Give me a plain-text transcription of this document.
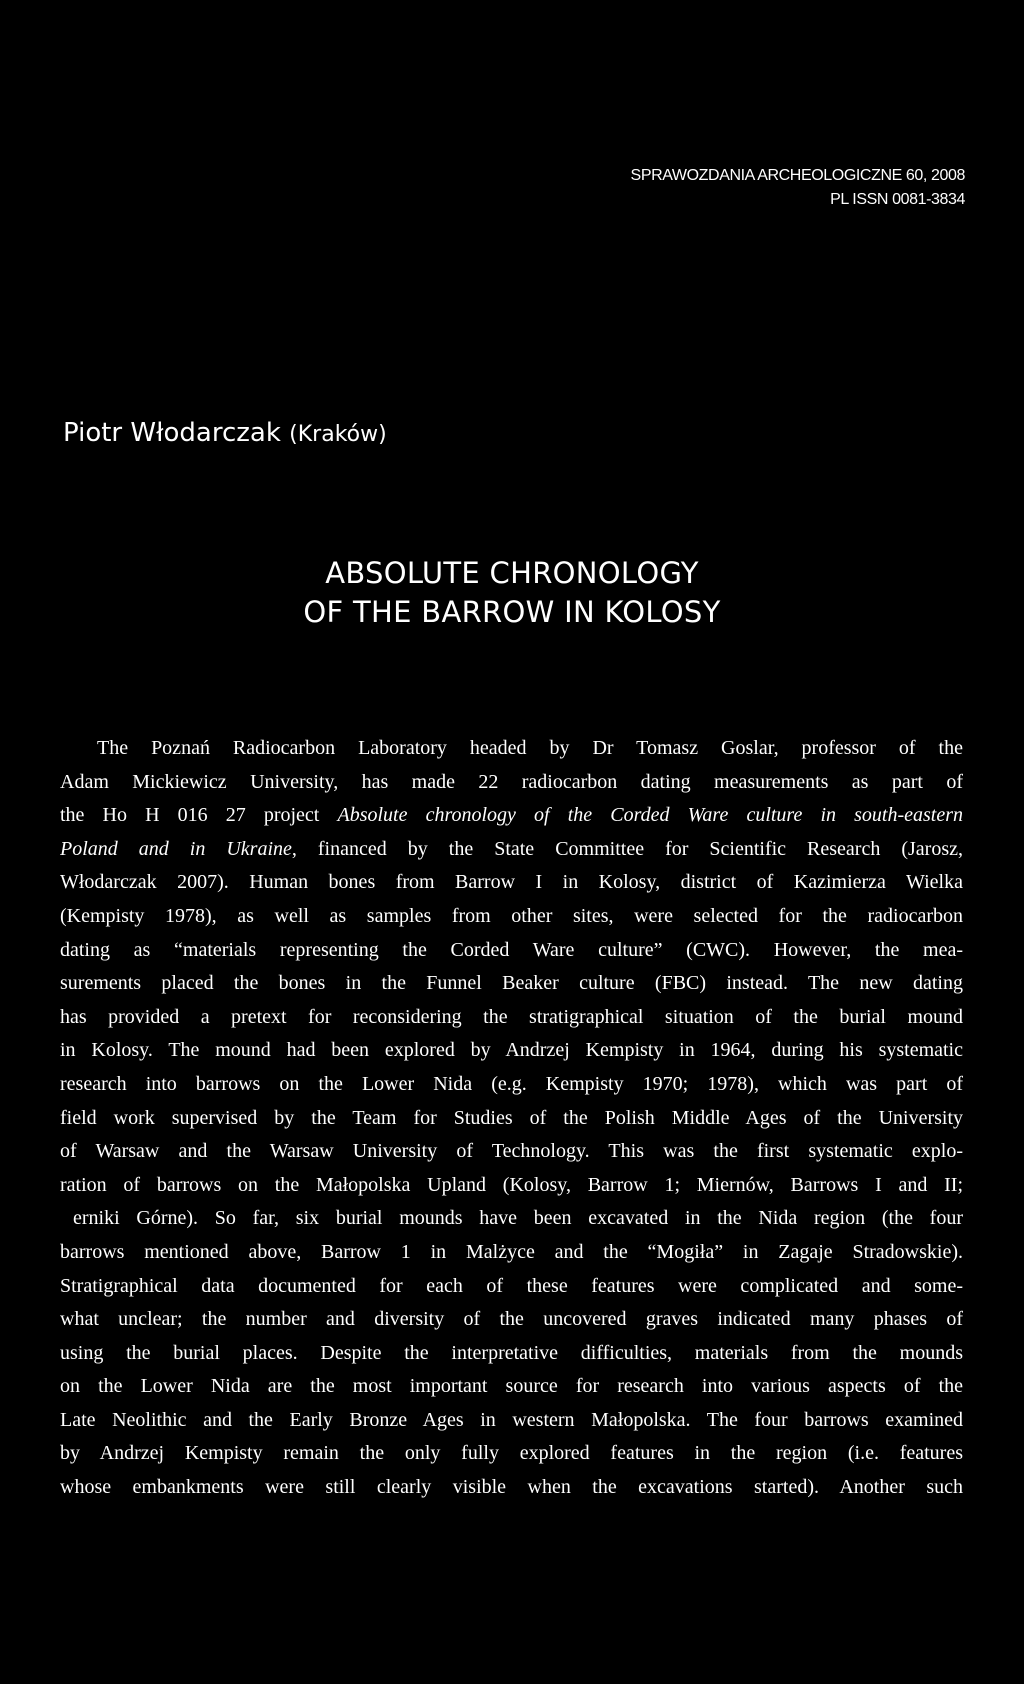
SPRAWOZDANIA ARCHEOLOGICZNE 60, 2008
PL ISSN 0081-3834
Piotr Włodarczak (Kraków)
ABSOLUTE CHRONOLOGY
OF THE BARROW IN KOLOSY
The Poznań Radiocarbon Laboratory headed by Dr Tomasz Goslar, professor of the
Adam Mickiewicz University, has made 22 radiocarbon dating measurements as part of
the Ho H 016 27 project Absolute chronology of the Corded Ware culture in south-eastern
Poland and in Ukraine, financed by the State Committee for Scientific Research (Jarosz,
Włodarczak 2007). Human bones from Barrow I in Kolosy, district of Kazimierza Wielka
(Kempisty 1978), as well as samples from other sites, were selected for the radiocarbon
dating as “materials representing the Corded Ware culture” (CWC). However, the mea-
surements placed the bones in the Funnel Beaker culture (FBC) instead. The new dating
has provided a pretext for reconsidering the stratigraphical situation of the burial mound
in Kolosy. The mound had been explored by Andrzej Kempisty in 1964, during his systematic
research into barrows on the Lower Nida (e.g. Kempisty 1970; 1978), which was part of
field work supervised by the Team for Studies of the Polish Middle Ages of the University
of Warsaw and the Warsaw University of Technology. This was the first systematic explo-
ration of barrows on the Małopolska Upland (Kolosy, Barrow 1; Miernów, Barrows I and II;
erniki Górne). So far, six burial mounds have been excavated in the Nida region (the four
barrows mentioned above, Barrow 1 in Malżyce and the “Mogiła” in Zagaje Stradowskie).
Stratigraphical data documented for each of these features were complicated and some-
what unclear; the number and diversity of the uncovered graves indicated many phases of
using the burial places. Despite the interpretative difficulties, materials from the mounds
on the Lower Nida are the most important source for research into various aspects of the
Late Neolithic and the Early Bronze Ages in western Małopolska. The four barrows examined
by Andrzej Kempisty remain the only fully explored features in the region (i.e. features
whose embankments were still clearly visible when the excavations started). Another such
